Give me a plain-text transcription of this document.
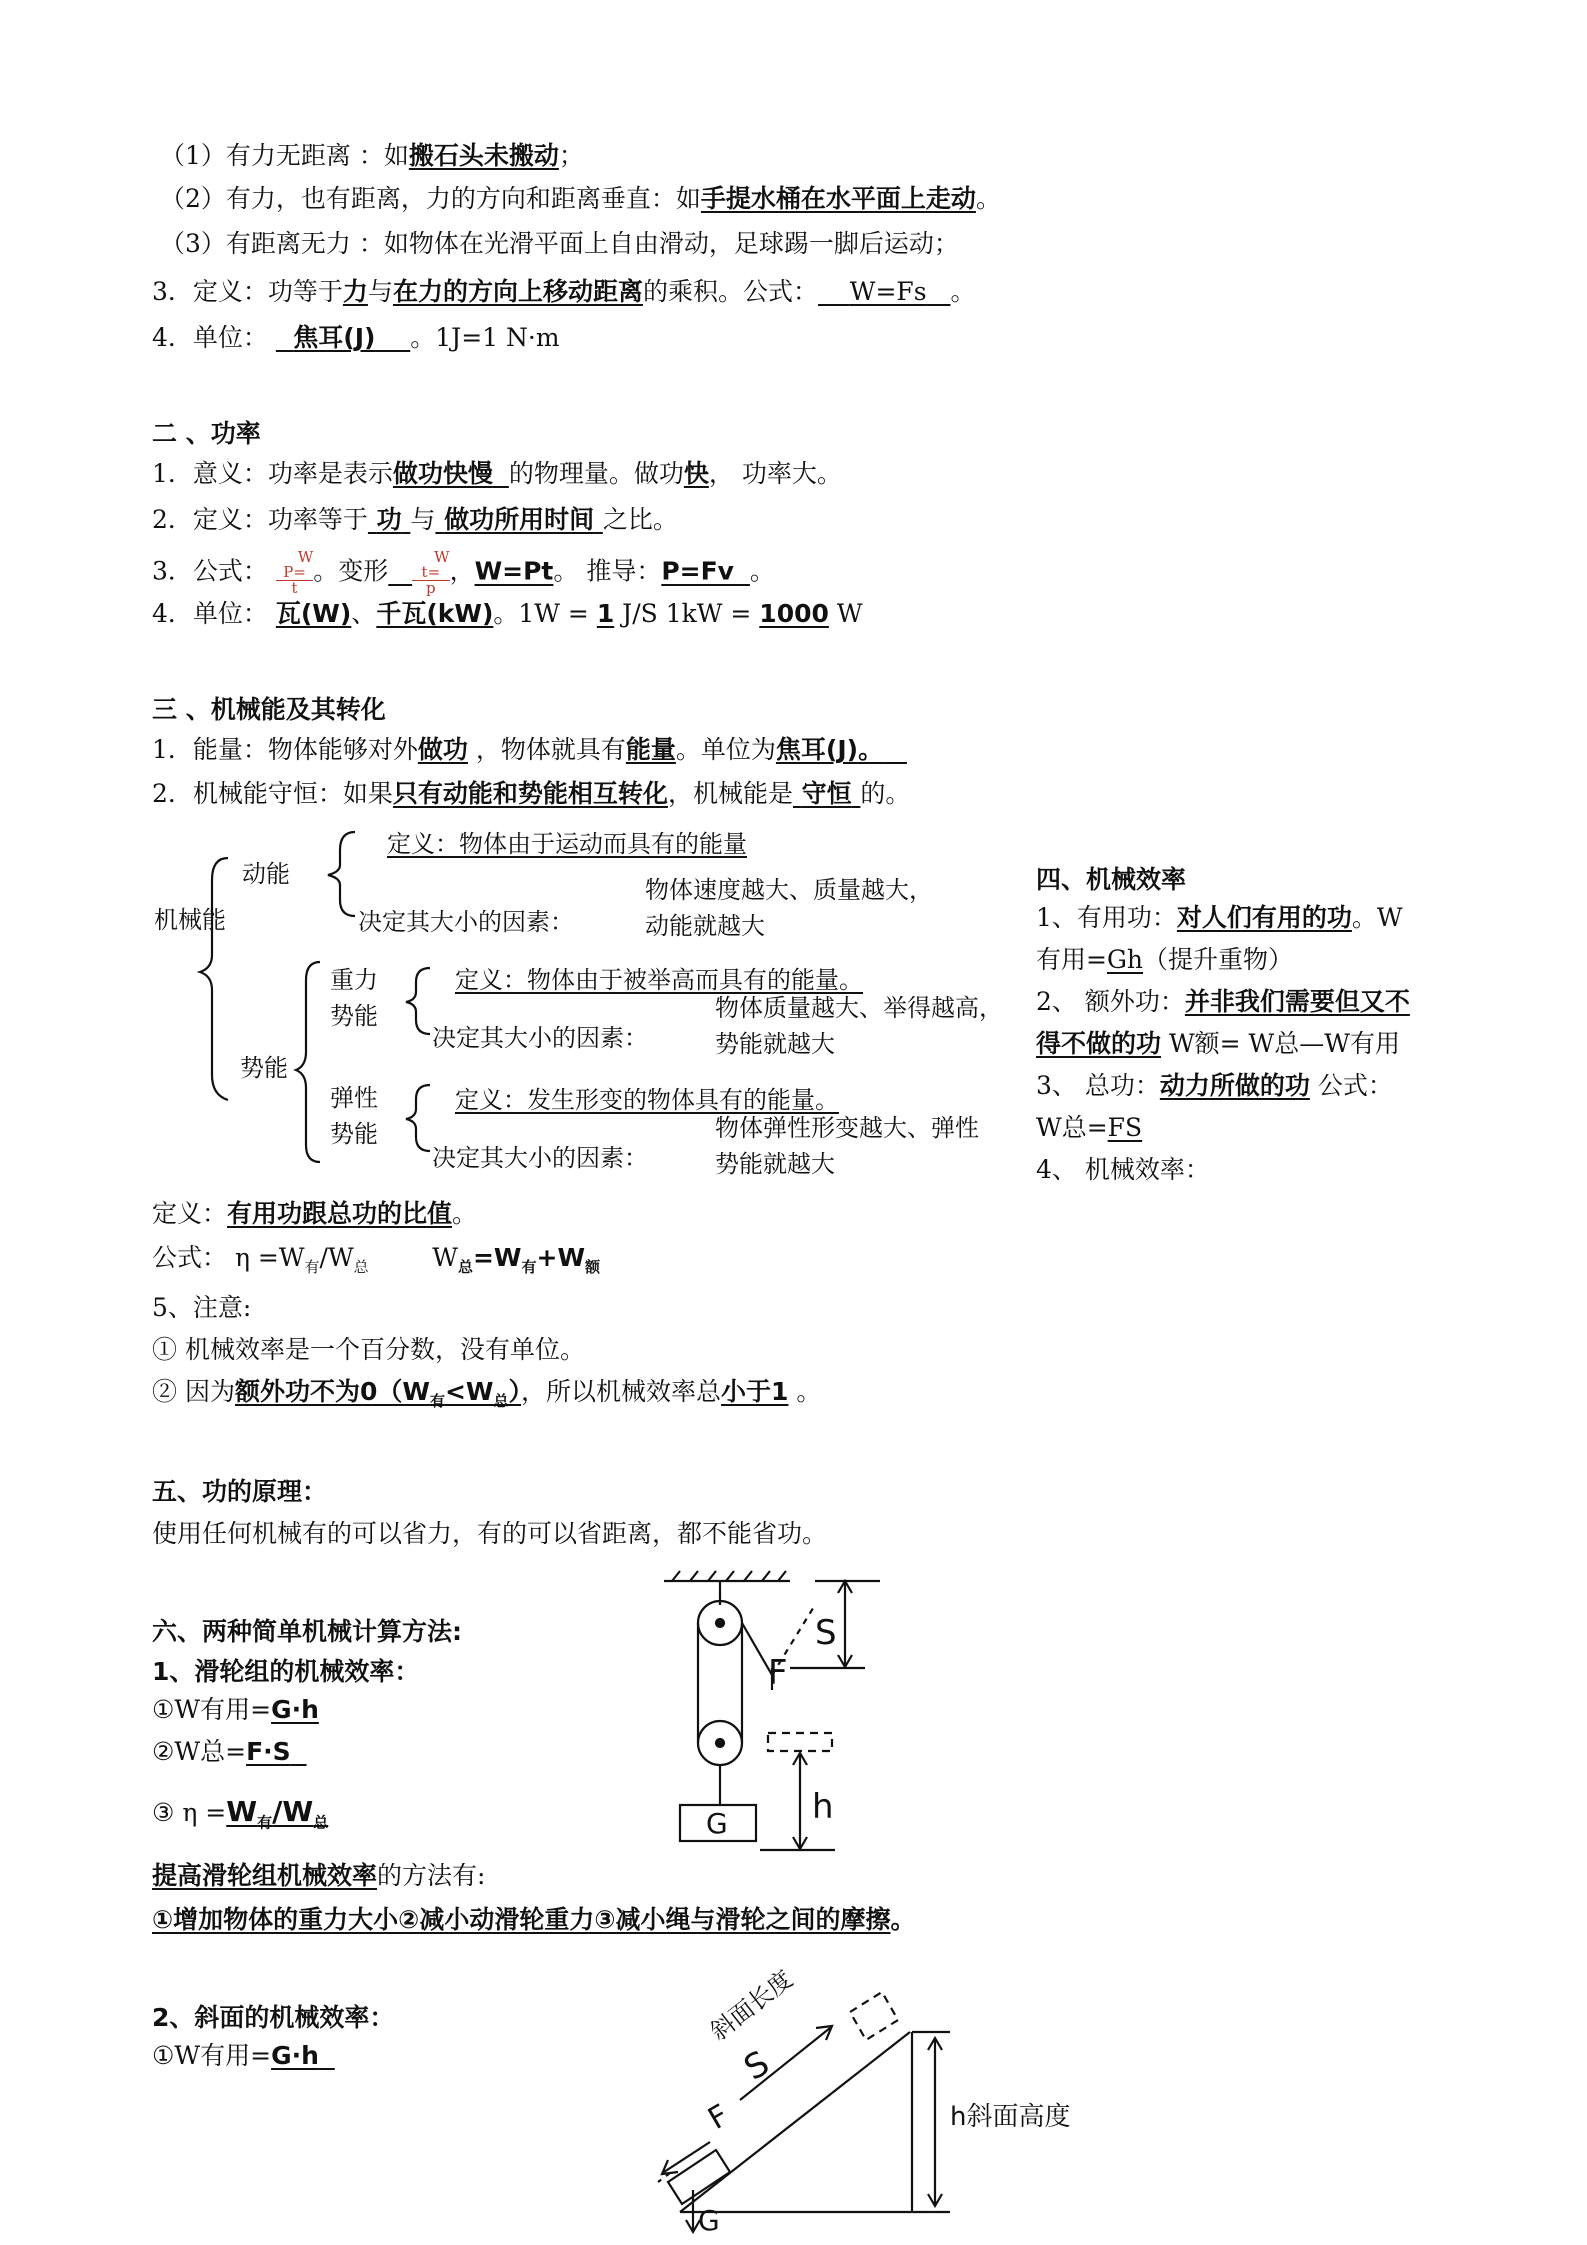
（1）有力无距离 ：如搬石头未搬动；
（2）有力，也有距离，力的方向和距离垂直：如手提水桶在水平面上走动。
（3）有距离无力 ：如物体在光滑平面上自由滑动，足球踢一脚后运动；
3．定义：功等于力与在力的方向上移动距离的乘积。公式： W=Fs 。
4．单位： 焦耳(J) 。1J=1 N·m
二 、功率
1．意义：功率是表示做功快慢 的物理量。做功快， 功率大。
2．定义：功率等于 功 与 做功所用时间 之比。
3．公式：	W
P=
t
。变形	W
t=
p
，W=Pt。 推导：P=Fv 。
4．单位： 瓦(W)、千瓦(kW)。1W = 1 J/S 1kW = 1000 W
三 、机械能及其转化
1．能量：物体能够对外做功 ，物体就具有能量。单位为焦耳(J)。
2．机械能守恒：如果只有动能和势能相互转化，机械能是 守恒 的。
机械能
动能
定义：物体由于运动而具有的能量
决定其大小的因素：
物体速度越大、质量越大，
动能就越大
势能
重力
势能
定义：物体由于被举高而具有的能量。
决定其大小的因素：
物体质量越大、举得越高，
势能就越大
弹性
势能
定义：发生形变的物体具有的能量。
决定其大小的因素：
物体弹性形变越大、弹性
势能就越大
四、机械效率
1、有用功：对人们有用的功。W
有用=Gh（提升重物）
2、 额外功：并非我们需要但又不
得不做的功 W额= W总—W有用
3、 总功：动力所做的功 公式：
W总=FS
4、 机械效率：
定义：有用功跟总功的比值。
公式： $\eta =W_有/W_总$        $W_总=W_有+W_额$
5、注意:
① 机械效率是一个百分数，没有单位。
② 因为额外功不为$0(W_有<W_总)$，所以机械效率总小于1 。
五、功的原理：
使用任何机械有的可以省力，有的可以省距离，都不能省功。
六、两种简单机械计算方法:
1、滑轮组的机械效率：
①W有用=G·h
②W总=F·S
③ $\eta =W_有/W_总$
提高滑轮组机械效率的方法有:
①增加物体的重力大小②减小动滑轮重力③减小绳与滑轮之间的摩擦。
S
F
h
G
2、斜面的机械效率：
①W有用=G·h	S
F
G
斜面长度
h斜面高度
